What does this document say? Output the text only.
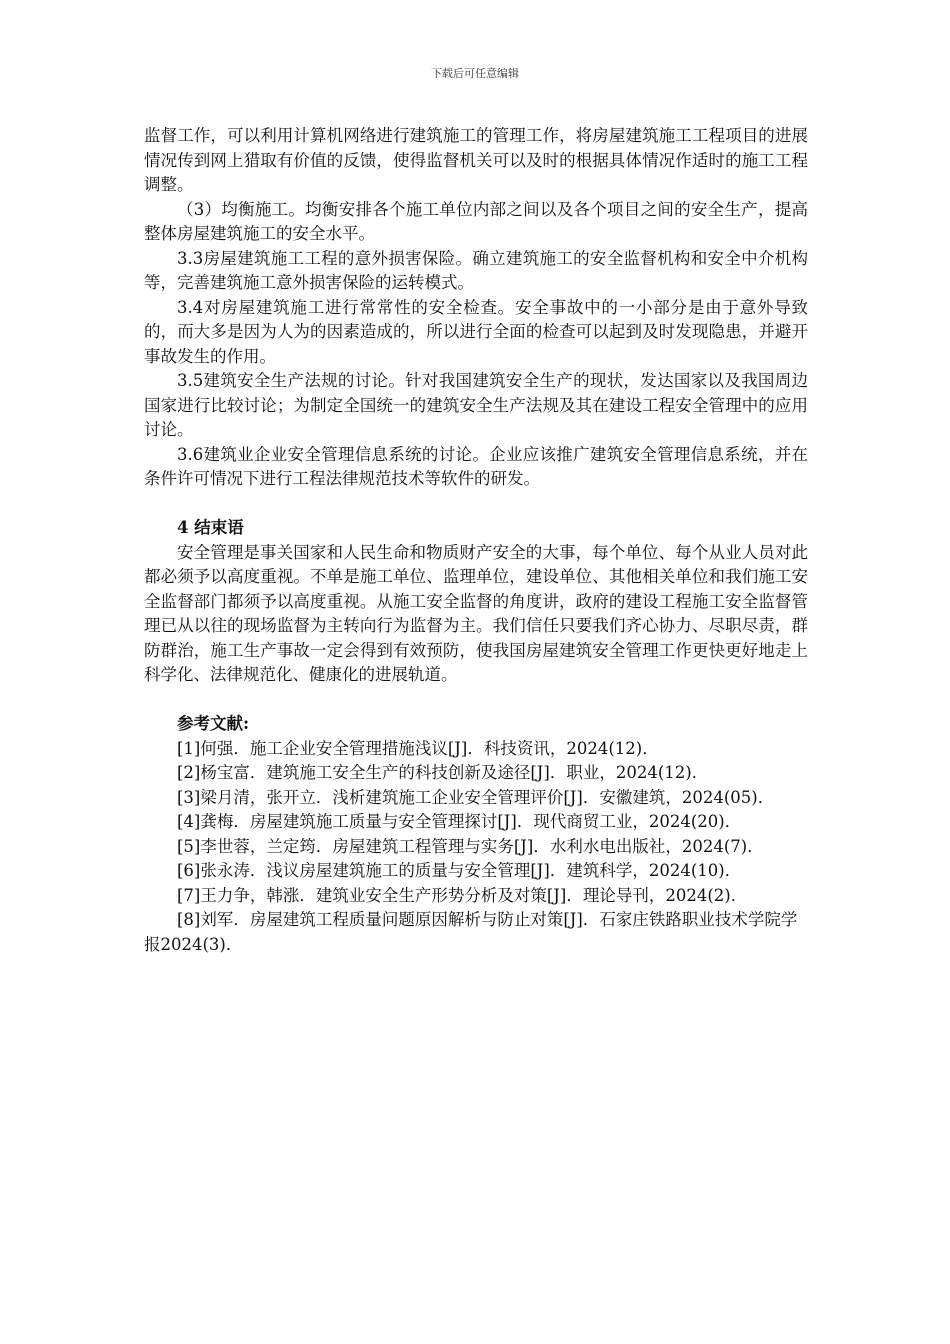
下载后可任意编辑

监督工作，可以利用计算机网络进行建筑施工的管理工作，将房屋建筑施工工程项目的进展情况传到网上猎取有价值的反馈，使得监督机关可以及时的根据具体情况作适时的施工工程调整。

（3）均衡施工。均衡安排各个施工单位内部之间以及各个项目之间的安全生产，提高整体房屋建筑施工的安全水平。

3.3房屋建筑施工工程的意外损害保险。确立建筑施工的安全监督机构和安全中介机构等，完善建筑施工意外损害保险的运转模式。

3.4对房屋建筑施工进行常常性的安全检查。安全事故中的一小部分是由于意外导致的，而大多是因为人为的因素造成的，所以进行全面的检查可以起到及时发现隐患，并避开事故发生的作用。

3.5建筑安全生产法规的讨论。针对我国建筑安全生产的现状，发达国家以及我国周边国家进行比较讨论；为制定全国统一的建筑安全生产法规及其在建设工程安全管理中的应用讨论。

3.6建筑业企业安全管理信息系统的讨论。企业应该推广建筑安全管理信息系统，并在条件许可情况下进行工程法律规范技术等软件的研发。

4 结束语

安全管理是事关国家和人民生命和物质财产安全的大事，每个单位、每个从业人员对此都必须予以高度重视。不单是施工单位、监理单位，建设单位、其他相关单位和我们施工安全监督部门都须予以高度重视。从施工安全监督的角度讲，政府的建设工程施工安全监督管理已从以往的现场监督为主转向行为监督为主。我们信任只要我们齐心协力、尽职尽责，群防群治，施工生产事故一定会得到有效预防，使我国房屋建筑安全管理工作更快更好地走上科学化、法律规范化、健康化的进展轨道。

参考文献:

[1]何强．施工企业安全管理措施浅议[J]．科技资讯，2024(12)．

[2]杨宝富．建筑施工安全生产的科技创新及途径[J]．职业，2024(12)．

[3]梁月清，张开立．浅析建筑施工企业安全管理评价[J]．安徽建筑，2024(05)．

[4]龚梅．房屋建筑施工质量与安全管理探讨[J]．现代商贸工业，2024(20)．

[5]李世蓉，兰定筠．房屋建筑工程管理与实务[J]．水利水电出版社，2024(7)．

[6]张永涛．浅议房屋建筑施工的质量与安全管理[J]．建筑科学，2024(10)．

[7]王力争，韩涨．建筑业安全生产形势分析及对策[J]．理论导刊，2024(2)．

[8]刘军．房屋建筑工程质量问题原因解析与防止对策[J]．石家庄铁路职业技术学院学报2024(3)．
